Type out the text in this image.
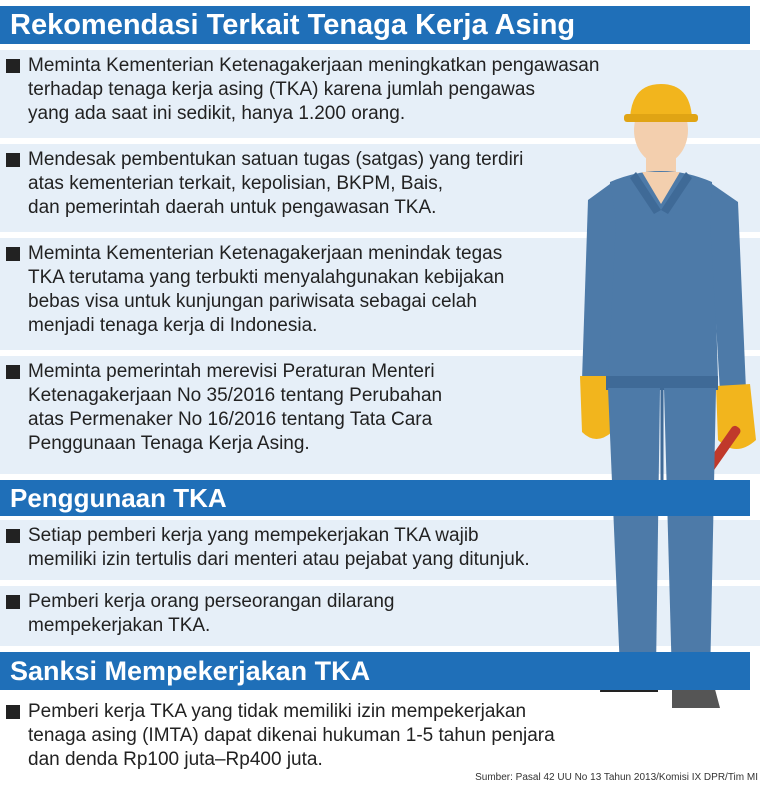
Rekomendasi Terkait Tenaga Kerja Asing
Meminta Kementerian Ketenagakerjaan meningkatkan pengawasan
terhadap tenaga kerja asing (TKA) karena jumlah pengawas
yang ada saat ini sedikit, hanya 1.200 orang.
Mendesak pembentukan satuan tugas (satgas) yang terdiri
atas kementerian terkait, kepolisian, BKPM, Bais,
dan pemerintah daerah untuk pengawasan TKA.
Meminta Kementerian Ketenagakerjaan menindak tegas
TKA terutama yang terbukti menyalahgunakan kebijakan
bebas visa untuk kunjungan pariwisata sebagai celah
menjadi tenaga kerja di Indonesia.
Meminta pemerintah merevisi Peraturan Menteri
Ketenagakerjaan No 35/2016 tentang Perubahan
atas Permenaker No 16/2016 tentang Tata Cara
Penggunaan Tenaga Kerja Asing.
Penggunaan TKA
Setiap pemberi kerja yang mempekerjakan TKA wajib
memiliki izin tertulis dari menteri atau pejabat yang ditunjuk.
Pemberi kerja orang perseorangan dilarang
mempekerjakan TKA.
Sanksi Mempekerjakan TKA
Pemberi kerja TKA yang tidak memiliki izin mempekerjakan
tenaga asing (IMTA) dapat dikenai hukuman 1-5 tahun penjara
dan denda Rp100 juta–Rp400 juta.
Sumber: Pasal 42 UU No 13 Tahun 2013/Komisi IX DPR/Tim MI
